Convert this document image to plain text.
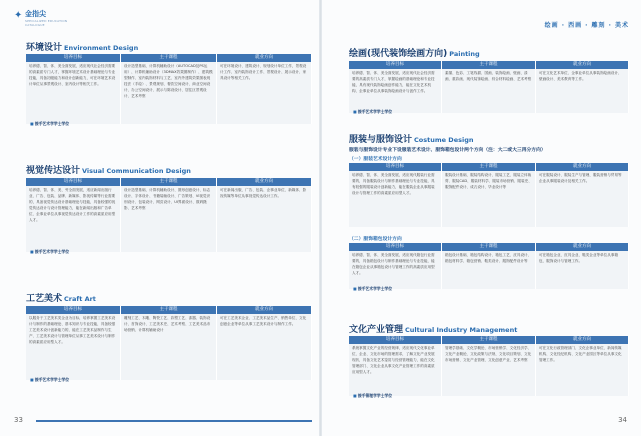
✦ 金指尖
SPECIALIZED EDUCATION CATALOGUE
环境设计 Environment Design
培养目标	主干课程	就业方向
培养德、智、体、美全面发展，适应现代社会经济需要的高素质专门人才，掌握环境艺术设计基础理论与专业技能，具备初级能力和设计创新能力，可在环境艺术设计单位从事景观设计、室内设计等相关工作。
设计造型基础、计算机辅助设计（AUTOCAD及PS运用）、计算机辅助设计（3DMAX效果图制作）、建筑模型制作、室内装饰材料与工艺、室内外建筑效果图表现技法（手绘）、景观规划、餐饮空间设计、商业空间设计、办公空间设计、展示与陈设设计、居住区景观设计、艺术考察
可在环境设计、建筑设计、规划设计单位工作，景观设计工作、室内装饰设计工作、景观设计、展示设计、家具设计等相关工作。
■ 接手艺术学学士学位
视觉传达设计 Visual Communication Design
培养目标	主干课程	就业方向
培养德、智、体、美、劳全面发展，适应新闻出版行业、广告、包装、品牌、新媒体、影视传媒等行业需要的，具备视觉传达设计基础理论与技能，具备较强的视觉传达设计与设计管理能力，能在新闻出版和广告单位、企事业单位从事视觉传达设计工作的高素质应用型人才。
设计造型基础、计算机辅助设计、图形创意设计、标志设计、字体设计、书籍装帧设计、广告策划、VI视觉识别设计、包装设计、网页设计、UI界面设计、数码摄影、艺术考察
可在新闻出版、广告、包装、企事业单位、新媒体、影视传媒等单位从事视觉传达设计工作。
■ 接手艺术学学士学位
工艺美术 Craft Art
培养目标	主干课程	就业方向
以服务于工艺美术类企业为目标，培养掌握工艺美术设计与制作的基础理论、基本知识与专业技能，具备较强工艺美术设计创新能力的，能在工艺美术品制作与生产、工艺美术设计与管理单位从事工艺美术设计与制作的高素质应用型人才。
雕刻工艺、木雕、陶瓷工艺、彩塑工艺、漆器、装饰设计、首饰设计、工艺美术史、艺术考察、工艺美术品市场营销、计算机辅助设计
可在工艺美术企业、工艺美术品生产、销售单位、文化创意企业等单位从事工艺美术设计与制作工作。
■ 接手艺术学学士学位
33
绘画 · 西画 · 雕刻 · 美术
绘画(现代装饰绘画方向) Painting
培养目标	主干课程	就业方向
培养德、智、体、美全面发展，适应现代社会经济需要的高素质专门人才，掌握绘画的基础理论和专业技能，具有现代装饰绘画创作能力，能在文化艺术机构、企事业单位从事装饰绘画设计与创作工作。
素描、色彩、工笔线描、国画、装饰绘画、壁画、漆画、重彩画、现代装饰绘画、综合材料绘画、艺术考察
可在文化艺术单位、企事业单位从事装饰绘画设计、壁画设计、美术教育等工作。
■ 接手艺术学学士学位
服装与服饰设计 Costume Design
服装与服饰设计专业下设服装艺术设计、服饰箱包设计两个方向（注：大二或大三再分方向）
（一）服装艺术设计方向
培养目标	主干课程	就业方向
培养德、智、体、美全面发展，适应现代服装行业需要的，具备服装设计与制作基础理论与专业技能，具有较强的服装设计创新能力，能在服装企业从事服装设计与管理工作的高素质应用型人才。
服装设计基础、服装结构设计、服装工艺、服装立体裁剪、服装CAD、服装材料学、服装市场营销、服装史、服饰配件设计、成衣设计、毕业设计等
可在服装设计、服装生产与管理、服装营销与贸易等企业从事服装设计及相关工作。
（二）服饰箱包设计方向
培养目标	主干课程	就业方向
培养德、智、体、美全面发展，适应现代箱包行业需要的，具备箱包设计与制作基础理论与专业技能，能在箱包企业从事箱包设计与管理工作的高素质应用型人才。
箱包设计基础、箱包结构设计、箱包工艺、皮具设计、箱包材料学、箱包营销、鞋类设计、服饰配件设计等
可在箱包企业、皮具企业、鞋类企业等单位从事箱包、服饰设计与管理工作。
■ 接手艺术学学士学位
文化产业管理 Cultural Industry Management
培养目标	主干课程	就业方向
系统掌握文化产业的经营规律，适应现代文化事业单位、企业、文化市场的管理需求，了解文化产业发展现状，具备文化艺术鉴赏与经营管理能力，能在文化管理部门、文化企业从事文化产业管理工作的高素质应用型人才。
管理学基础、文化学概论、市场营销学、文化经济学、文化产业概论、文化政策与法规、文化项目策划、文化市场营销、文化产业管理、文化创意产业、艺术考察
可在文化行政管理部门、文化企事业单位、新闻传媒机构、文化经纪机构、文化产业园区等单位从事文化管理工作。
■ 接手管理学学士学位
34
